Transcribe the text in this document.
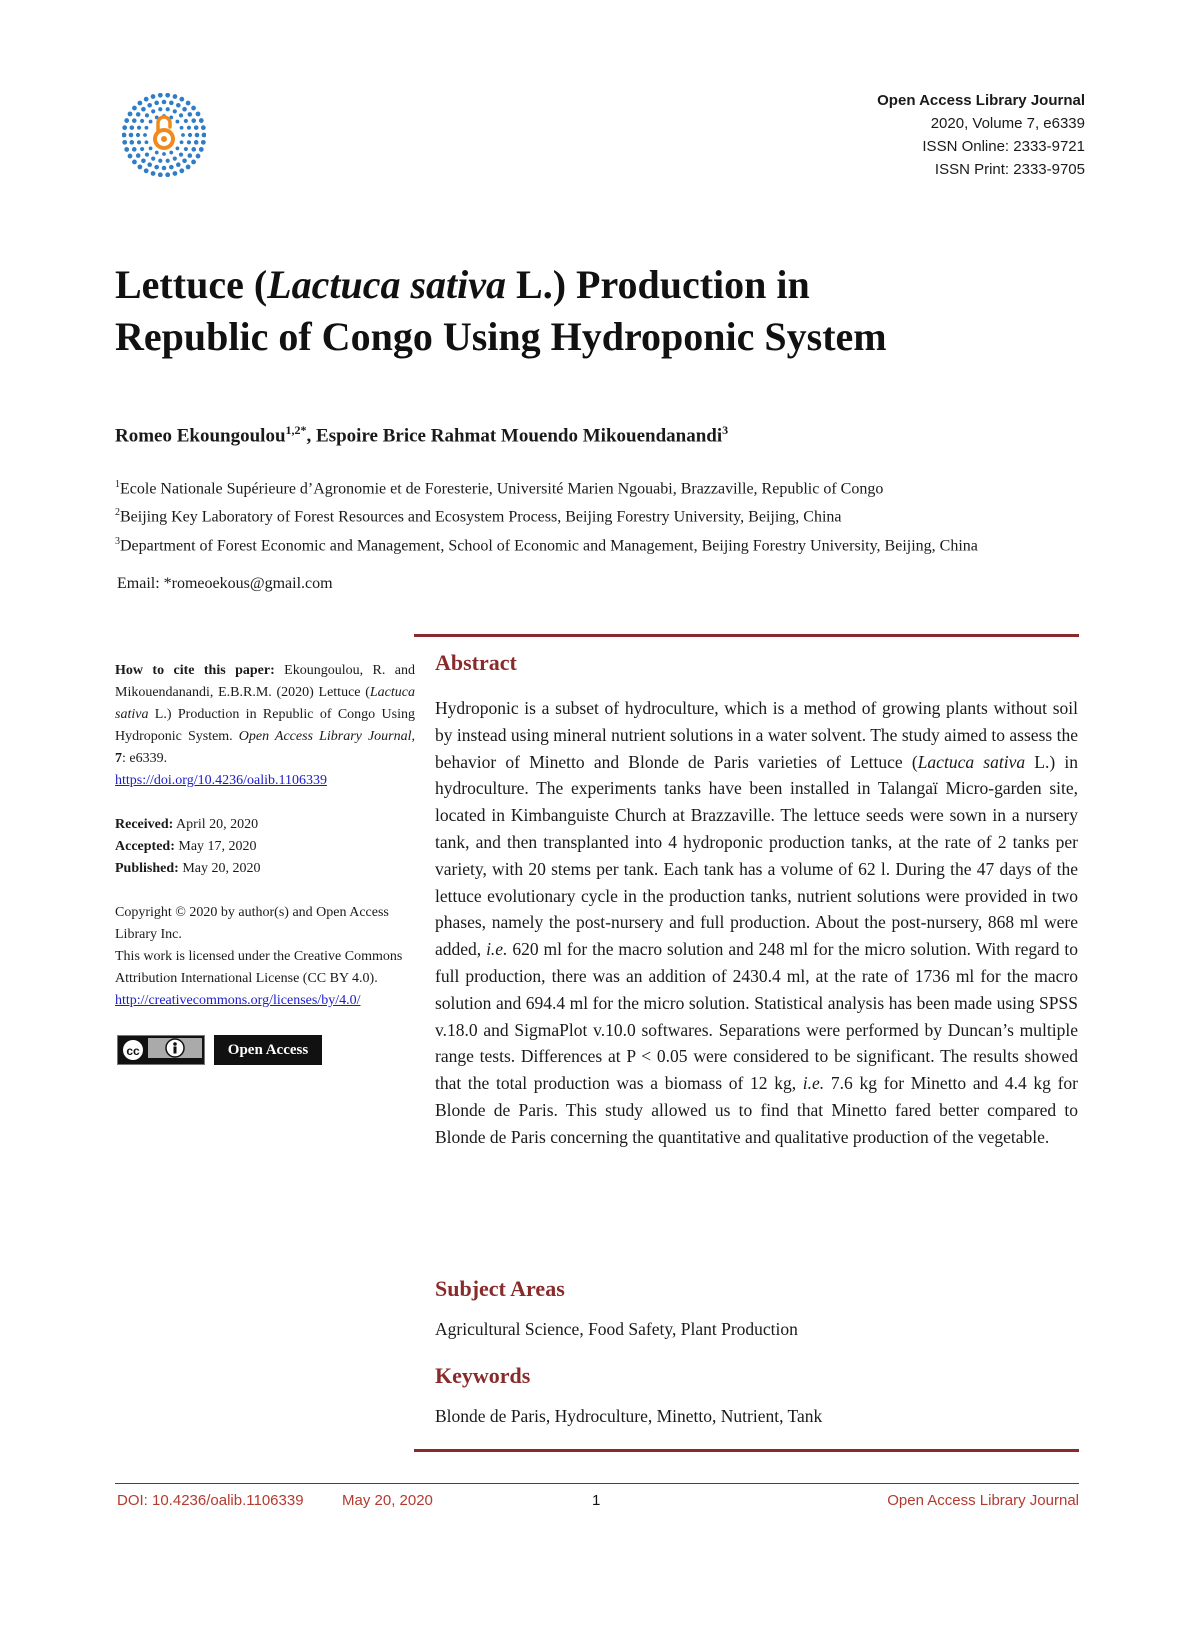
Open Access Library Journal
2020, Volume 7, e6339
ISSN Online: 2333-9721
ISSN Print: 2333-9705
Lettuce (Lactuca sativa L.) Production in
Republic of Congo Using Hydroponic System
Romeo Ekoungoulou$^{1,2*}$, Espoire Brice Rahmat Mouendo Mikouendanandi$^3$
$^1$Ecole Nationale Supérieure d’Agronomie et de Foresterie, Université Marien Ngouabi, Brazzaville, Republic of Congo
$^2$Beijing Key Laboratory of Forest Resources and Ecosystem Process, Beijing Forestry University, Beijing, China
$^3$Department of Forest Economic and Management, School of Economic and Management, Beijing Forestry University, Beijing, China
Email: *romeoekous@gmail.com
How to cite this paper: Ekoungoulou, R. and Mikouendanandi, E.B.R.M. (2020) Lettuce (Lactuca sativa L.) Production in Republic of Congo Using Hydroponic System. Open Access Library Journal, 7: e6339.
https://doi.org/10.4236/oalib.1106339
Received: April 20, 2020
Accepted: May 17, 2020
Published: May 20, 2020
Copyright © 2020 by author(s) and Open Access Library Inc.
This work is licensed under the Creative Commons Attribution International License (CC BY 4.0).
http://creativecommons.org/licenses/by/4.0/
cc	Open Access
Abstract
Hydroponic is a subset of hydroculture, which is a method of growing plants without soil by instead using mineral nutrient solutions in a water solvent. The study aimed to assess the behavior of Minetto and Blonde de Paris varieties of Lettuce (Lactuca sativa L.) in hydroculture. The experiments tanks have been installed in Talangaï Micro-garden site, located in Kimbanguiste Church at Brazzaville. The lettuce seeds were sown in a nursery tank, and then transplanted into 4 hydroponic production tanks, at the rate of 2 tanks per variety, with 20 stems per tank. Each tank has a volume of 62 l. During the 47 days of the lettuce evolutionary cycle in the production tanks, nutrient solutions were provided in two phases, namely the post-nursery and full production. About the post-nursery, 868 ml were added, i.e. 620 ml for the macro solution and 248 ml for the micro solution. With regard to full production, there was an addition of 2430.4 ml, at the rate of 1736 ml for the macro solution and 694.4 ml for the micro solution. Statistical analysis has been made using SPSS v.18.0 and SigmaPlot v.10.0 softwares. Separations were performed by Duncan’s multiple range tests. Differences at P < 0.05 were considered to be significant. The results showed that the total production was a biomass of 12 kg, i.e. 7.6 kg for Minetto and 4.4 kg for Blonde de Paris. This study allowed us to find that Minetto fared better compared to Blonde de Paris concerning the quantitative and qualitative production of the vegetable.
Subject Areas
Agricultural Science, Food Safety, Plant Production
Keywords
Blonde de Paris, Hydroculture, Minetto, Nutrient, Tank
DOI: 10.4236/oalib.1106339	May 20, 2020	1	Open Access Library Journal
